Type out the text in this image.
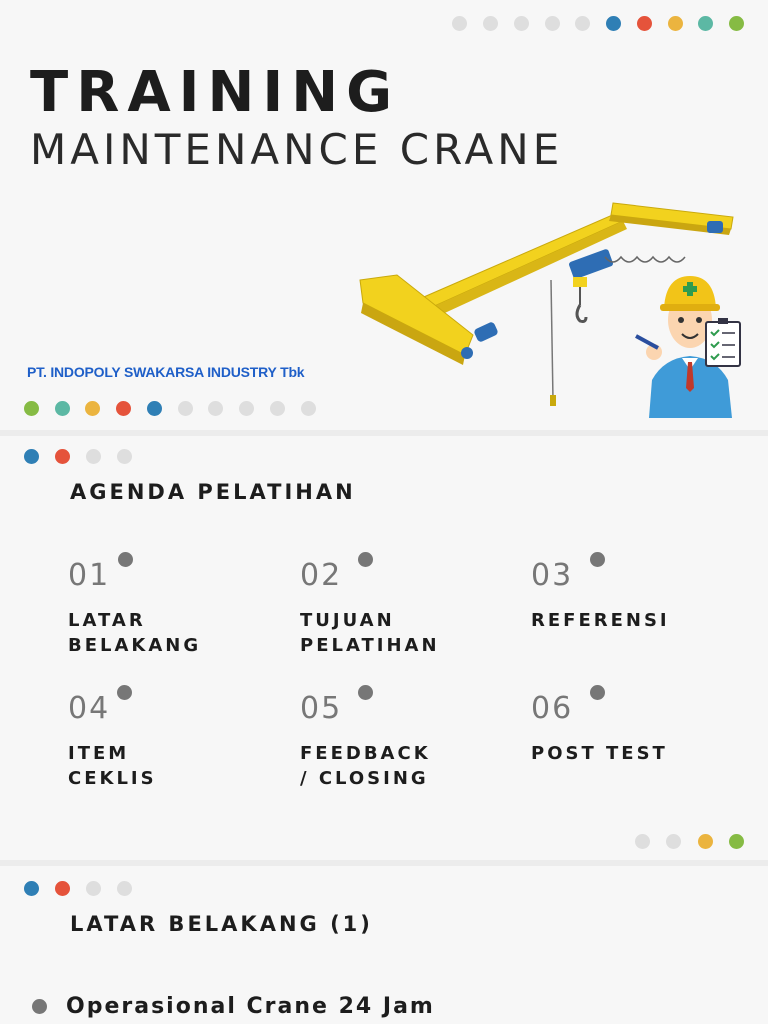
TRAINING
MAINTENANCE CRANE
PT. INDOPOLY SWAKARSA INDUSTRY Tbk
AGENDA PELATIHAN
01
LATAR
BELAKANG
02
TUJUAN
PELATIHAN
03
REFERENSI
04
ITEM
CEKLIS
05
FEEDBACK
/ CLOSING
06
POST TEST
LATAR BELAKANG (1)
Operasional Crane 24 Jam
